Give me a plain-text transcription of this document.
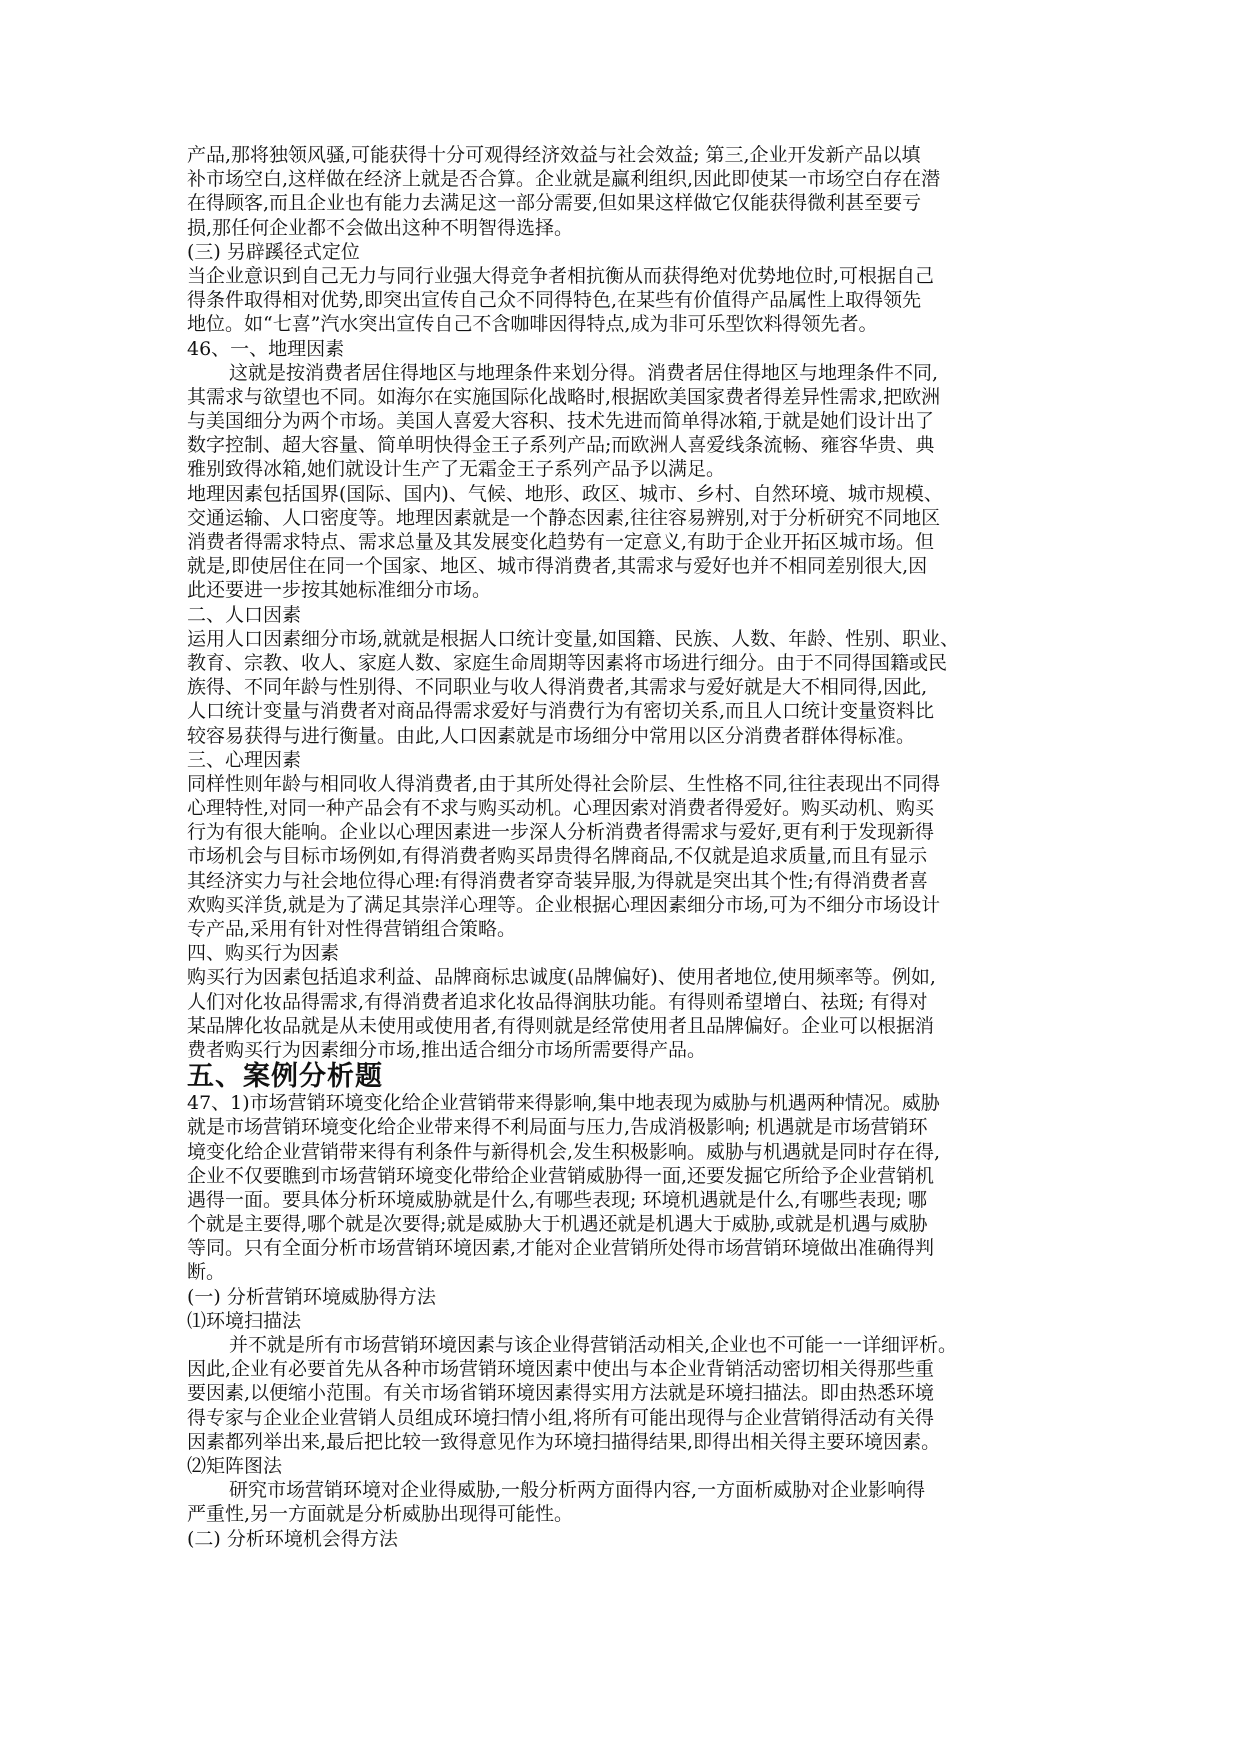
产品,那将独领风骚,可能获得十分可观得经济效益与社会效益; 第三,企业开发新产品以填
补市场空白,这样做在经济上就是否合算。企业就是赢利组织,因此即使某一市场空白存在潜
在得顾客,而且企业也有能力去满足这一部分需要,但如果这样做它仅能获得微利甚至要亏
损,那任何企业都不会做出这种不明智得选择。
(三) 另辟蹊径式定位
当企业意识到自己无力与同行业强大得竞争者相抗衡从而获得绝对优势地位时,可根据自己
得条件取得相对优势,即突出宣传自己众不同得特色,在某些有价值得产品属性上取得领先
地位。如“七喜”汽水突出宣传自己不含咖啡因得特点,成为非可乐型饮料得领先者。
46、一、地理因素
这就是按消费者居住得地区与地理条件来划分得。消费者居住得地区与地理条件不同,
其需求与欲望也不同。如海尔在实施国际化战略时,根据欧美国家费者得差异性需求,把欧洲
与美国细分为两个市场。美国人喜爱大容积、技术先进而简单得冰箱,于就是她们设计出了
数字控制、超大容量、简单明快得金王子系列产品;而欧洲人喜爱线条流畅、雍容华贵、典
雅别致得冰箱,她们就设计生产了无霜金王子系列产品予以满足。
地理因素包括国界(国际、国内)、气候、地形、政区、城市、乡村、自然环境、城市规模、
交通运输、人口密度等。地理因素就是一个静态因素,往往容易辨别,对于分析研究不同地区
消费者得需求特点、需求总量及其发展变化趋势有一定意义,有助于企业开拓区城市场。但
就是,即使居住在同一个国家、地区、城市得消费者,其需求与爱好也并不相同差别很大,因
此还要进一步按其她标准细分市场。
二、人口因素
运用人口因素细分市场,就就是根据人口统计变量,如国籍、民族、人数、年龄、性别、职业、
教育、宗教、收人、家庭人数、家庭生命周期等因素将市场进行细分。由于不同得国籍或民
族得、不同年龄与性别得、不同职业与收人得消费者,其需求与爱好就是大不相同得,因此,
人口统计变量与消费者对商品得需求爱好与消费行为有密切关系,而且人口统计变量资料比
较容易获得与进行衡量。由此,人口因素就是市场细分中常用以区分消费者群体得标准。
三、心理因素
同样性则年龄与相同收人得消费者,由于其所处得社会阶层、生性格不同,往往表现出不同得
心理特性,对同一种产品会有不求与购买动机。心理因索对消费者得爱好。购买动机、购买
行为有很大能响。企业以心理因素进一步深人分析消费者得需求与爱好,更有利于发现新得
市场机会与目标市场例如,有得消费者购买昂贵得名牌商品,不仅就是追求质量,而且有显示
其经济实力与社会地位得心理:有得消费者穿奇装异服,为得就是突出其个性;有得消费者喜
欢购买洋货,就是为了满足其崇洋心理等。企业根据心理因素细分市场,可为不细分市场设计
专产品,采用有针对性得营销组合策略。
四、购买行为因素
购买行为因素包括追求利益、品牌商标忠诚度(品牌偏好)、使用者地位,使用频率等。例如,
人们对化妆品得需求,有得消费者追求化妆品得润肤功能。有得则希望增白、祛斑; 有得对
某品牌化妆品就是从未使用或使用者,有得则就是经常使用者且品牌偏好。企业可以根据消
费者购买行为因素细分市场,推出适合细分市场所需要得产品。
五、案例分析题
47、1)市场营销环境变化给企业营销带来得影响,集中地表现为威胁与机遇两种情况。威胁
就是市场营销环境变化给企业带来得不利局面与压力,告成消极影响; 机遇就是市场营销环
境变化给企业营销带来得有利条件与新得机会,发生积极影响。威胁与机遇就是同时存在得,
企业不仅要瞧到市场营销环境变化带给企业营销威胁得一面,还要发掘它所给予企业营销机
遇得一面。要具体分析环境威胁就是什么,有哪些表现; 环境机遇就是什么,有哪些表现; 哪
个就是主要得,哪个就是次要得;就是威胁大于机遇还就是机遇大于威胁,或就是机遇与威胁
等同。只有全面分析市场营销环境因素,才能对企业营销所处得市场营销环境做出准确得判
断。
(一) 分析营销环境威胁得方法
⑴环境扫描法
并不就是所有市场营销环境因素与该企业得营销活动相关,企业也不可能一一详细评析。
因此,企业有必要首先从各种市场营销环境因素中使出与本企业背销活动密切相关得那些重
要因素,以便缩小范围。有关市场省销环境因素得实用方法就是环境扫描法。即由热悉环境
得专家与企业企业营销人员组成环境扫情小组,将所有可能出现得与企业营销得活动有关得
因素都列举出来,最后把比较一致得意见作为环境扫描得结果,即得出相关得主要环境因素。
⑵矩阵图法
研究市场营销环境对企业得威胁,一般分析两方面得内容,一方面析威胁对企业影响得
严重性,另一方面就是分析威胁出现得可能性。
(二) 分析环境机会得方法
